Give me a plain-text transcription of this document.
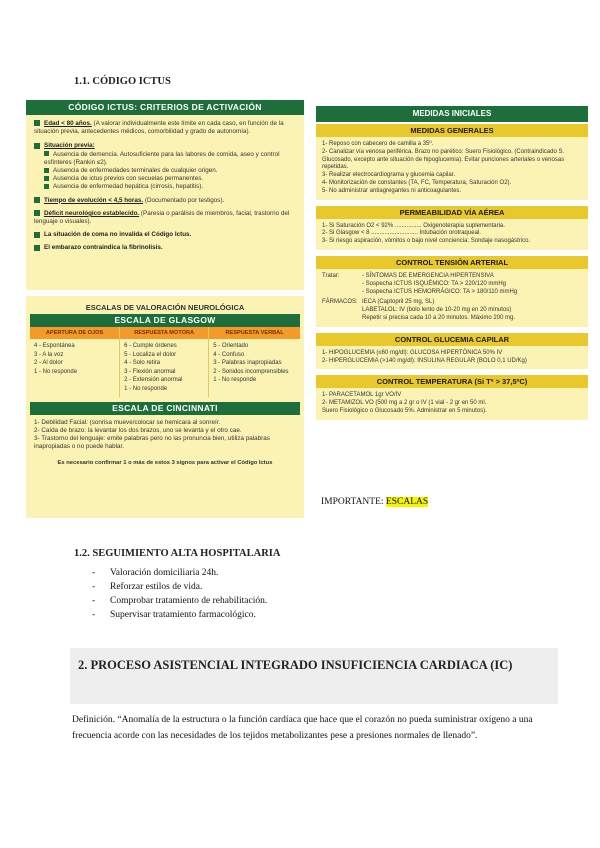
1.1. CÓDIGO ICTUS
CÓDIGO ICTUS: CRITERIOS DE ACTIVACIÓN
Edad < 80 años. (A valorar individualmente este límite en cada caso, en función de la situación previa, antecedentes médicos, comorbilidad y grado de autonomía).
Situación previa:
Ausencia de demencia. Autosuficiente para las labores de comida, aseo y control esfínteres (Rankin ≤2).
Ausencia de enfermedades terminales de cualquier origen.
Ausencia de ictus previos con secuelas permanentes.
Ausencia de enfermedad hepática (cirrosis, hepatitis).
Tiempo de evolución < 4,5 horas. (Documentado por testigos).
Déficit neurológico establecido. (Paresia o parálisis de miembros, facial, trastorno del lenguaje o visuales).
La situación de coma no invalida el Código Ictus.
El embarazo contraindica la fibrinolisis.
ESCALAS DE VALORACIÓN NEUROLÓGICA
ESCALA DE GLASGOW
APERTURA DE OJOS
4 - Espontánea
3 - A la voz
2 - Al dolor
1 - No responde
RESPUESTA MOTORA
6 - Cumple órdenes
5 - Localiza el dolor
4 - Solo retira
3 - Flexión anormal
2 - Extensión anormal
1 - No responde
RESPUESTA VERBAL
5 - Orientado
4 - Confuso
3 - Palabras inapropiadas
2 - Sonidos incomprensibles
1 - No responde
ESCALA DE CINCINNATI
1- Debilidad Facial: (sonrisa mueve/colocar se hemicara al sonreír.
2- Caída de brazo: la levantar los dos brazos, uno se levanta y el otro cae.
3- Trastorno del lenguaje: emite palabras pero no las pronuncia bien, utiliza palabras inapropiadas o no puede hablar.
Es necesario confirmar 1 o más de estos 3 signos para activar el Código Ictus
MEDIDAS INICIALES
MEDIDAS GENERALES
1- Reposo con cabecero de camilla a 35º.
2- Canalizar vía venosa periférica. Brazo no parético: Suero Fisiológico. (Contraindicado S. Glucosado, excepto ante situación de hipoglucemia). Evitar punciones arteriales o venosas repetidas.
3- Realizar electrocardiograma y glucemia capilar.
4- Monitorización de constantes (TA, FC, Temperatura, Saturación O2).
5- No administrar antiagregantes ni anticoagulantes.
PERMEABILIDAD VÍA AÉREA
1- Si Saturación O2 < 92% ................ Oxigenoterapia suplementaria.
2- Si Glasgow < 8 ............................ Intubación orotraqueal.
3- Si riesgo aspiración, vómitos o bajo nivel conciencia: Sondaje nasogástrico.
CONTROL TENSIÓN ARTERIAL
Tratar:	- SÍNTOMAS DE EMERGENCIA HIPERTENSIVA
- Sospecha ICTUS ISQUÉMICO: TA > 220/120 mmHg
- Sospecha ICTUS HEMORRÁGICO: TA > 180/110 mmHg
FÁRMACOS: IECA (Captopril 25 mg, SL)
LABETALOL: IV (bolo lento de 10-20 mg en 20 minutos)
Repetir si precisa cada 10 a 20 minutos. Máximo 200 mg.
CONTROL GLUCEMIA CAPILAR
1- HIPOGLUCEMIA (≤60 mg/dl): GLUCOSA HIPERTÓNICA 50% IV
2- HIPERGLUCEMIA (>140 mg/dl): INSULINA REGULAR (BOLO 0,1 UD/Kg)
CONTROL TEMPERATURA (Si Tª > 37,5ºC)
1- PARACETAMOL 1gr VO/IV
2- METAMIZOL VO (500 mg a 2 gr o IV (1 vial - 2 gr en 50 ml.
Suero Fisiológico o Glucosado 5%. Administrar en 5 minutos).
IMPORTANTE: ESCALAS
1.2. SEGUIMIENTO ALTA HOSPITALARIA
- Valoración domiciliaria 24h.
- Reforzar estilos de vida.
- Comprobar tratamiento de rehabilitación.
- Supervisar tratamiento farmacológico.
2. PROCESO ASISTENCIAL INTEGRADO INSUFICIENCIA CARDIACA (IC)
Definición. “Anomalía de la estructura o la función cardíaca que hace que el corazón no pueda suministrar oxígeno a una frecuencia acorde con las necesidades de los tejidos metabolizantes pese a presiones normales de llenado”.
